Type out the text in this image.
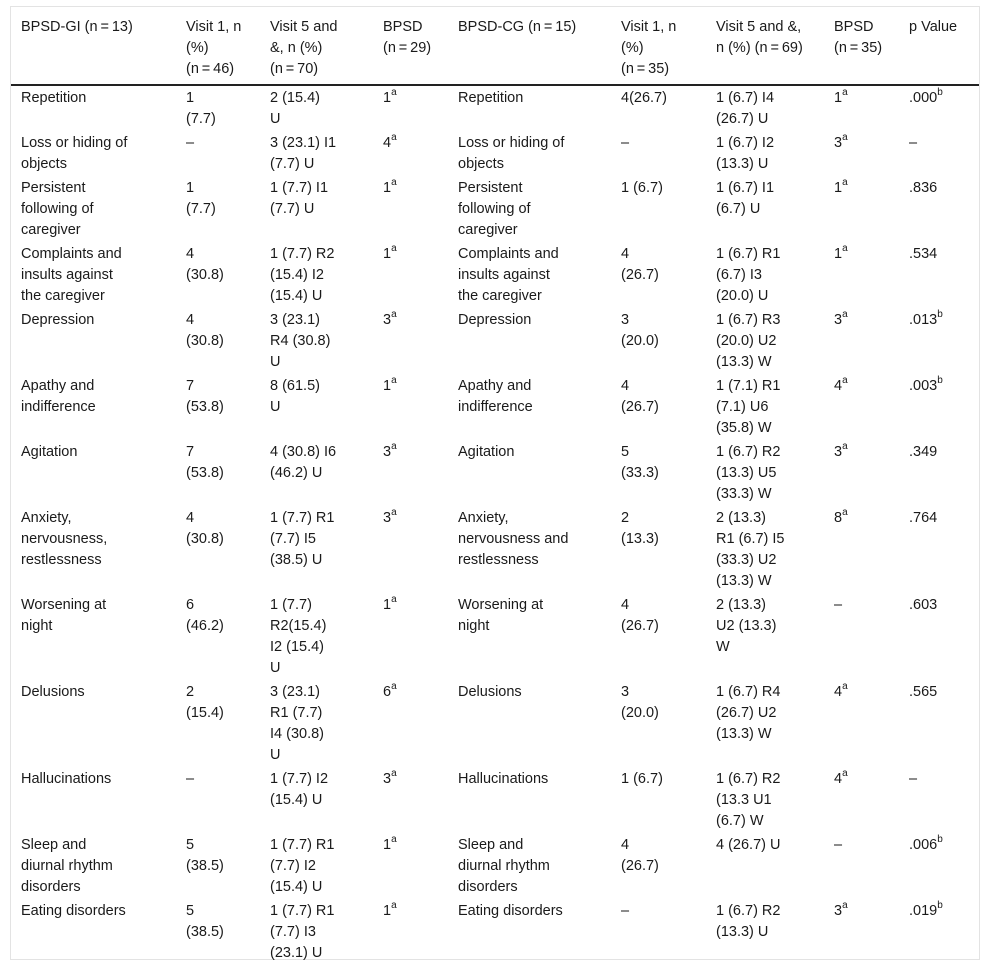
BPSD-GI (n = 13)	Visit 1, n
(%)
(n = 46)	Visit 5 and
&, n (%)
(n = 70)	BPSD
(n = 29)	BPSD-CG (n = 15)	Visit 1, n
(%)
(n = 35)	Visit 5 and &,
n (%) (n = 69)	BPSD
(n = 35)	p Value

Repetition	1
(7.7)	2 (15.4)
U	1$^a$	Repetition	4(26.7)	1 (6.7) I4
(26.7) U	1$^a$	.000$^b$

Loss or hiding of
objects	–	3 (23.1) I1
(7.7) U	4$^a$	Loss or hiding of
objects	–	1 (6.7) I2
(13.3) U	3$^a$	–

Persistent
following of
caregiver	1
(7.7)	1 (7.7) I1
(7.7) U	1$^a$	Persistent
following of
caregiver	1 (6.7)	1 (6.7) I1
(6.7) U	1$^a$	.836

Complaints and
insults against
the caregiver	4
(30.8)	1 (7.7) R2
(15.4) I2
(15.4) U	1$^a$	Complaints and
insults against
the caregiver	4
(26.7)	1 (6.7) R1
(6.7) I3
(20.0) U	1$^a$	.534

Depression	4
(30.8)	3 (23.1)
R4 (30.8)
U	3$^a$	Depression	3
(20.0)	1 (6.7) R3
(20.0) U2
(13.3) W	3$^a$	.013$^b$

Apathy and
indifference	7
(53.8)	8 (61.5)
U	1$^a$	Apathy and
indifference	4
(26.7)	1 (7.1) R1
(7.1) U6
(35.8) W	4$^a$	.003$^b$

Agitation	7
(53.8)	4 (30.8) I6
(46.2) U	3$^a$	Agitation	5
(33.3)	1 (6.7) R2
(13.3) U5
(33.3) W	3$^a$	.349

Anxiety,
nervousness,
restlessness	4
(30.8)	1 (7.7) R1
(7.7) I5
(38.5) U	3$^a$	Anxiety,
nervousness and
restlessness	2
(13.3)	2 (13.3)
R1 (6.7) I5
(33.3) U2
(13.3) W	8$^a$	.764

Worsening at
night	6
(46.2)	1 (7.7)
R2(15.4)
I2 (15.4)
U	1$^a$	Worsening at
night	4
(26.7)	2 (13.3)
U2 (13.3)
W	–	.603

Delusions	2
(15.4)	3 (23.1)
R1 (7.7)
I4 (30.8)
U	6$^a$	Delusions	3
(20.0)	1 (6.7) R4
(26.7) U2
(13.3) W	4$^a$	.565

Hallucinations	–	1 (7.7) I2
(15.4) U	3$^a$	Hallucinations	1 (6.7)	1 (6.7) R2
(13.3 U1
(6.7) W	4$^a$	–

Sleep and
diurnal rhythm
disorders	5
(38.5)	1 (7.7) R1
(7.7) I2
(15.4) U	1$^a$	Sleep and
diurnal rhythm
disorders	4
(26.7)	4 (26.7) U	–	.006$^b$

Eating disorders	5
(38.5)	1 (7.7) R1
(7.7) I3
(23.1) U	1$^a$	Eating disorders	–	1 (6.7) R2
(13.3) U	3$^a$	.019$^b$
